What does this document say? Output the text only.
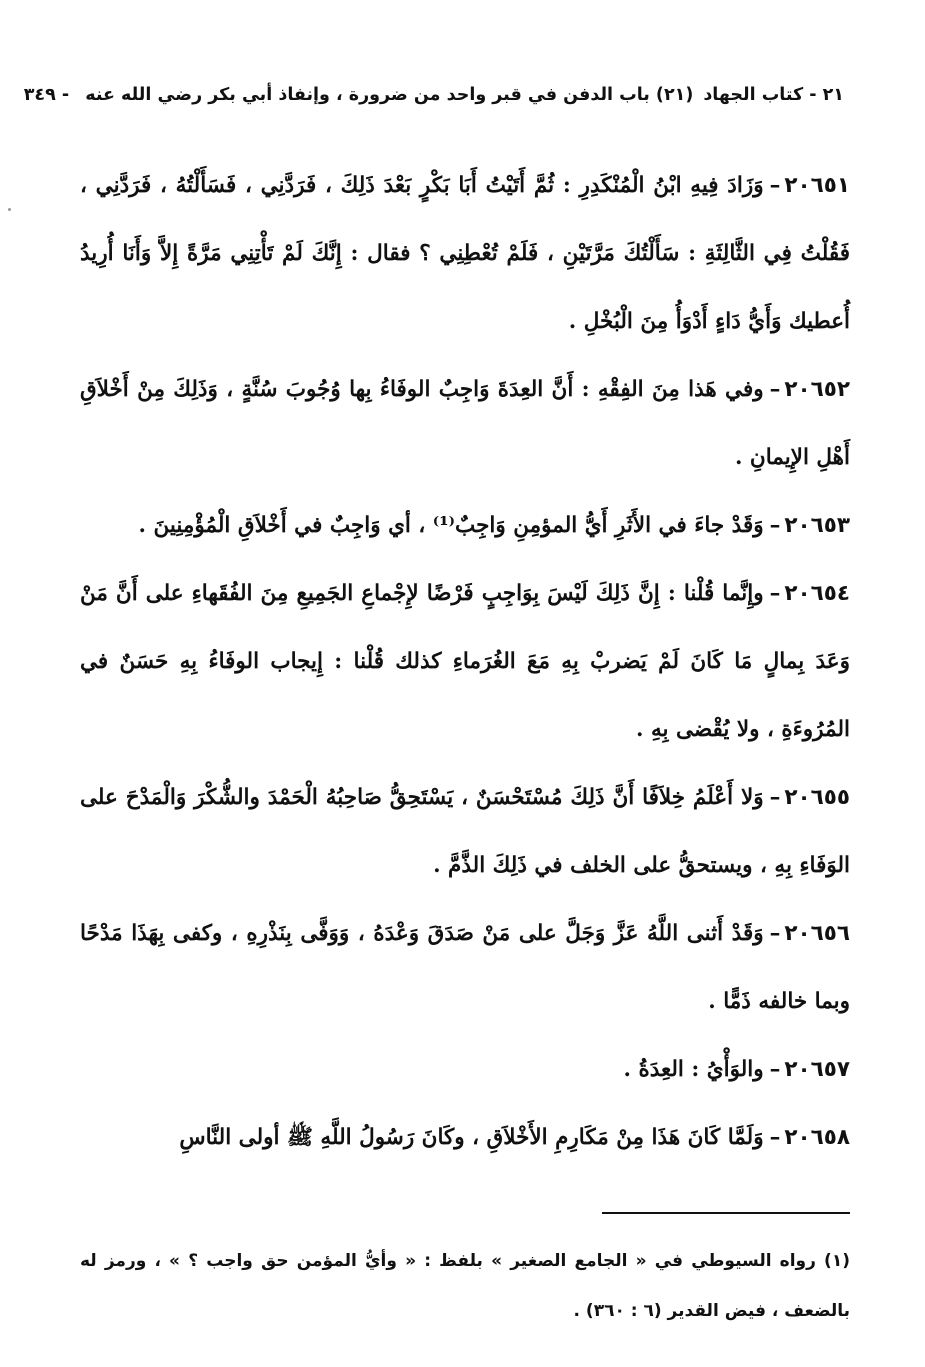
٢١ - كتاب الجهاد
(٢١) باب الدفن في قبر واحد من ضرورة ، وإنفاذ أبي بكر رضي الله عنه
-
٣٤٩

٢٠٦٥١–وَزَادَ فِيهِ ابْنُ الْمُنْكَدِرِ : ثُمَّ أَتَيْتُ أَبَا بَكْرٍ بَعْدَ ذَلِكَ ، فَرَدَّنِي ، فَسَأَلْتُهُ ، فَرَدَّنِي ، فَقُلْتُ فِي الثَّالِثَةِ : سَأَلْتُكَ مَرَّتَيْنِ ، فَلَمْ تُعْطِنِي ؟ فقال : إِنَّكَ لَمْ تَأْتِنِي مَرَّةً إِلاَّ وَأَنَا أُرِيدُ أُعطيك وَأَيُّ دَاءٍ أَدْوَأُ مِنَ الْبُخْلِ .

٢٠٦٥٢–وفي هَذا مِنَ الفِقْهِ : أَنَّ العِدَةَ وَاجِبٌ الوفَاءُ بِها وُجُوبَ سُنَّةٍ ، وَذَلِكَ مِنْ أَخْلاَقِ أَهْلِ الإِيمانِ .

٢٠٦٥٣–وَقَدْ جاءَ في الأَثَرِ أَيُّ المؤمِنِ وَاجِبٌ⁽¹⁾ ، أي وَاجِبٌ في أَخْلاَقِ الْمُؤْمِنِينَ .

٢٠٦٥٤–وإِنَّما قُلْنا : إِنَّ ذَلِكَ لَيْسَ بِوَاجِبٍ فَرْضًا لإِجْماعِ الجَمِيعِ مِنَ الفُقَهاءِ على أَنَّ مَنْ وَعَدَ بِمالٍ مَا كَانَ لَمْ يَضربْ بِهِ مَعَ الغُرَماءِ كذلك قُلْنا : إِيجاب الوفَاءُ بِهِ حَسَنٌ في المُرُوءَةِ ، ولا يُقْضى بِهِ .

٢٠٦٥٥–وَلا أَعْلَمُ خِلاَفًا أَنَّ ذَلِكَ مُسْتَحْسَنٌ ، يَسْتَحِقُّ صَاحِبُهُ الْحَمْدَ والشُّكْرَ وَالْمَدْحَ على الوَفَاءِ بِهِ ، ويستحقُّ على الخلف في ذَلِكَ الذَّمَّ .

٢٠٦٥٦–وَقَدْ أَثنى اللَّهُ عَزَّ وَجَلَّ على مَنْ صَدَقَ وَعْدَهُ ، وَوَفَّى بِنَذْرِهِ ، وكفى بِهَذَا مَدْحًا وبما خالفه ذَمًّا .

٢٠٦٥٧–والوَأْيُ : العِدَةُ .

٢٠٦٥٨–وَلَمَّا كَانَ هَذَا مِنْ مَكَارِمِ الأَخْلاَقِ ، وكَانَ رَسُولُ اللَّهِ ﷺ أولى النَّاسِ

(١) رواه السيوطي في « الجامع الصغير » بلفظ : « وأيُّ المؤمن حق واجب ؟ » ، ورمز له بالضعف ، فيض القدير (٦ : ٣٦٠) .
